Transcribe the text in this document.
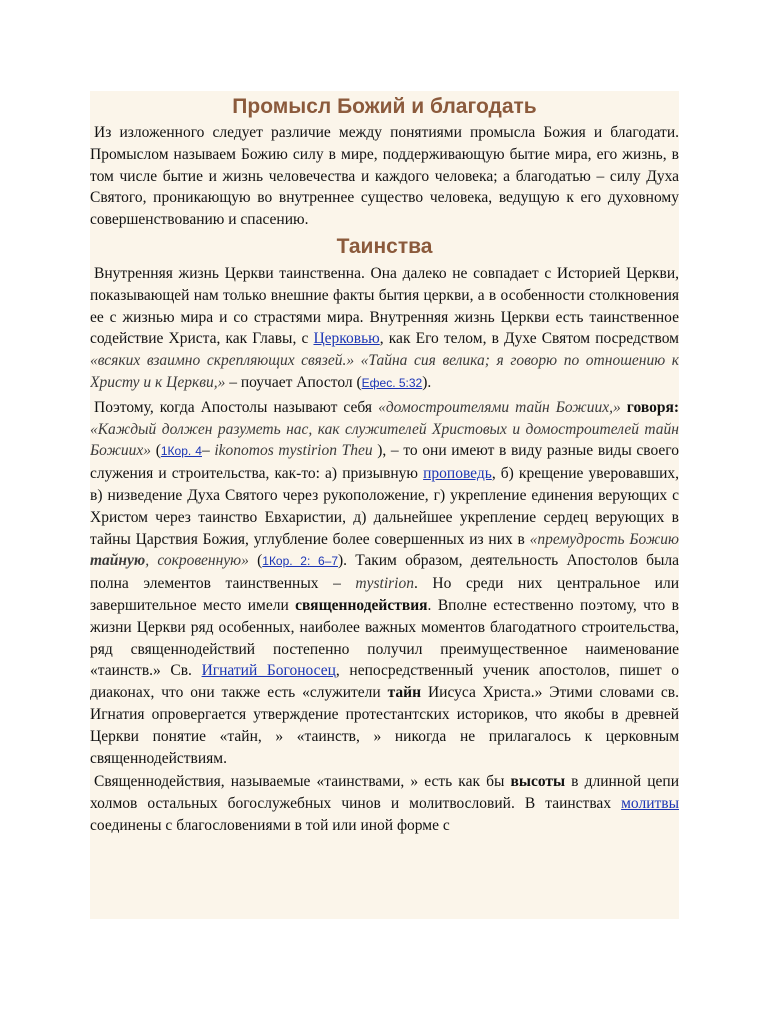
Промысл Божий и благодать

Из изложенного следует различие между понятиями промысла Божия и благодати. Промыслом называем Божию силу в мире, поддерживающую бытие мира, его жизнь, в том числе бытие и жизнь человечества и каждого человека; а благодатью – силу Духа Святого, проникающую во внутреннее существо человека, ведущую к его духовному совершенствованию и спасению.

Таинства

Внутренняя жизнь Церкви таинственна. Она далеко не совпадает с Историей Церкви, показывающей нам только внешние факты бытия церкви, а в особенности столкновения ее с жизнью мира и со страстями мира. Внутренняя жизнь Церкви есть таинственное содействие Христа, как Главы, с Церковью, как Его телом, в Духе Святом посредством «всяких взаимно скрепляющих связей.» «Тайна сия велика; я говорю по отношению к Христу и к Церкви,» – поучает Апостол (Ефес. 5:32).

Поэтому, когда Апостолы называют себя «домостроителями тайн Божиих,» говоря: «Каждый должен разуметь нас, как служителей Христовых и домостроителей тайн Божиих» (1Кор. 4– ikonomos mystirion Theu ), – то они имеют в виду разные виды своего служения и строительства, как-то: а) призывную проповедь, б) крещение уверовавших, в) низведение Духа Святого через рукоположение, г) укрепление единения верующих с Христом через таинство Евхаристии, д) дальнейшее укрепление сердец верующих в тайны Царствия Божия, углубление более совершенных из них в «премудрость Божию тайную, сокровенную» (1Кор. 2: 6–7). Таким образом, деятельность Апостолов была полна элементов таинственных – mystirion. Но среди них центральное или завершительное место имели священнодействия. Вполне естественно поэтому, что в жизни Церкви ряд особенных, наиболее важных моментов благодатного строительства, ряд священнодействий постепенно получил преимущественное наименование «таинств.» Св. Игнатий Богоносец, непосредственный ученик апостолов, пишет о диаконах, что они также есть «служители тайн Иисуса Христа.» Этими словами св. Игнатия опровергается утверждение протестантских историков, что якобы в древней Церкви понятие «тайн, » «таинств, » никогда не прилагалось к церковным священнодействиям.

Священнодействия, называемые «таинствами, » есть как бы высоты в длинной цепи холмов остальных богослужебных чинов и молитвословий. В таинствах молитвы соединены с благословениями в той или иной форме с
